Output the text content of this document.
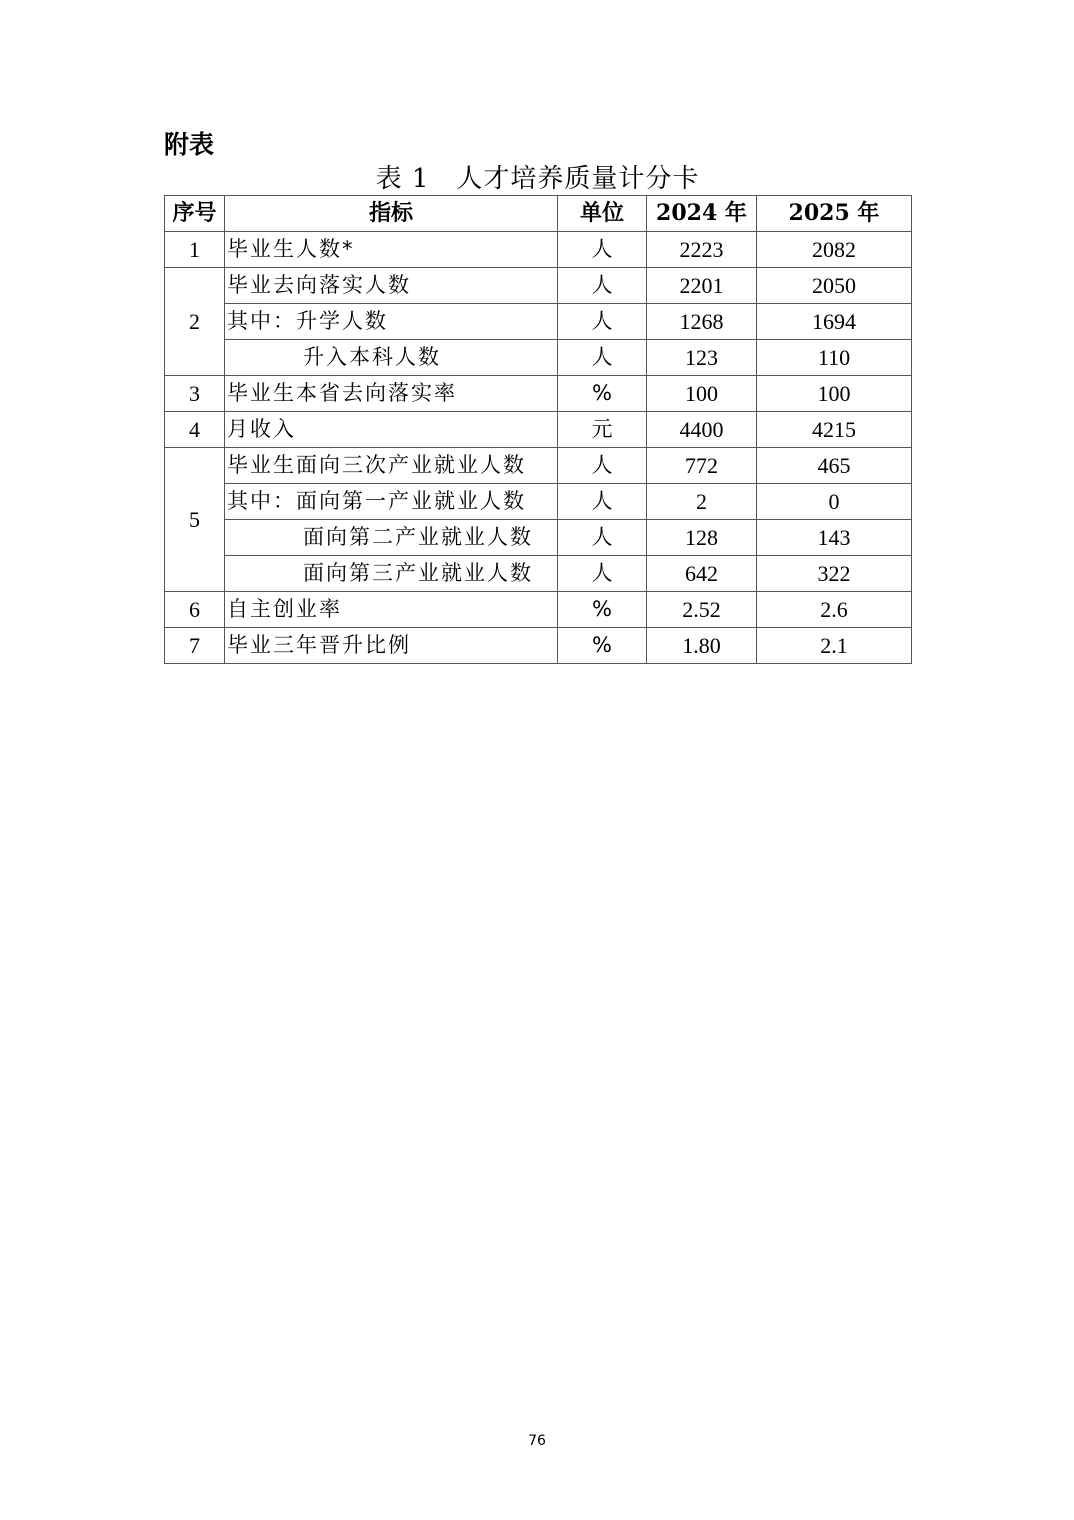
附表
表 1　人才培养质量计分卡
序号	指标	单位	2024 年	2025 年
1	毕业生人数*	人	2223	2082
2	毕业去向落实人数	人	2201	2050
	其中：升学人数	人	1268	1694
	升入本科人数	人	123	110
3	毕业生本省去向落实率	%	100	100
4	月收入	元	4400	4215
5	毕业生面向三次产业就业人数	人	772	465
	其中：面向第一产业就业人数	人	2	0
	面向第二产业就业人数	人	128	143
	面向第三产业就业人数	人	642	322
6	自主创业率	%	2.52	2.6
7	毕业三年晋升比例	%	1.80	2.1
76
